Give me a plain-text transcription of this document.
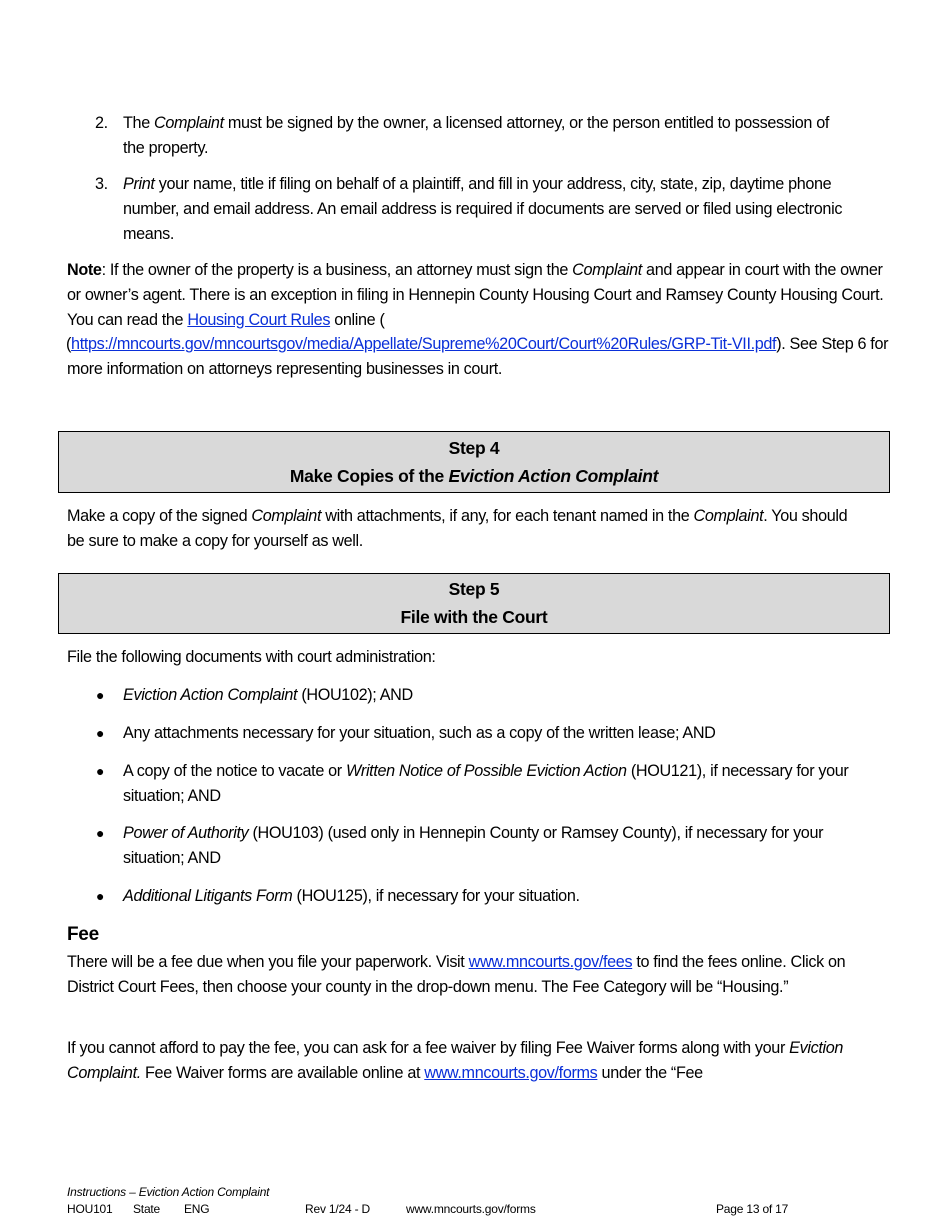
2. The Complaint must be signed by the owner, a licensed attorney, or the person entitled to possession of the property.
3. Print your name, title if filing on behalf of a plaintiff, and fill in your address, city, state, zip, daytime phone number, and email address. An email address is required if documents are served or filed using electronic means.
Note: If the owner of the property is a business, an attorney must sign the Complaint and appear in court with the owner or owner’s agent. There is an exception in filing in Hennepin County Housing Court and Ramsey County Housing Court. You can read the Housing Court Rules online (
(https://mncourts.gov/mncourtsgov/media/Appellate/Supreme%20Court/Court%20Rules/GRP-Tit-VII.pdf). See Step 6 for more information on attorneys representing businesses in court.
Step 4
Make Copies of the Eviction Action Complaint
Make a copy of the signed Complaint with attachments, if any, for each tenant named in the Complaint. You should be sure to make a copy for yourself as well.
Step 5
File with the Court
File the following documents with court administration:
● Eviction Action Complaint (HOU102); AND
● Any attachments necessary for your situation, such as a copy of the written lease; AND
● A copy of the notice to vacate or Written Notice of Possible Eviction Action (HOU121), if necessary for your situation; AND
● Power of Authority (HOU103) (used only in Hennepin County or Ramsey County), if necessary for your situation; AND
● Additional Litigants Form (HOU125), if necessary for your situation.
Fee
There will be a fee due when you file your paperwork. Visit www.mncourts.gov/fees to find the fees online. Click on District Court Fees, then choose your county in the drop-down menu. The Fee Category will be “Housing.”
If you cannot afford to pay the fee, you can ask for a fee waiver by filing Fee Waiver forms along with your Eviction Complaint. Fee Waiver forms are available online at www.mncourts.gov/forms under the “Fee
Instructions – Eviction Action Complaint
HOU101 State ENG	Rev 1/24 - D	www.mncourts.gov/forms	Page 13 of 17
